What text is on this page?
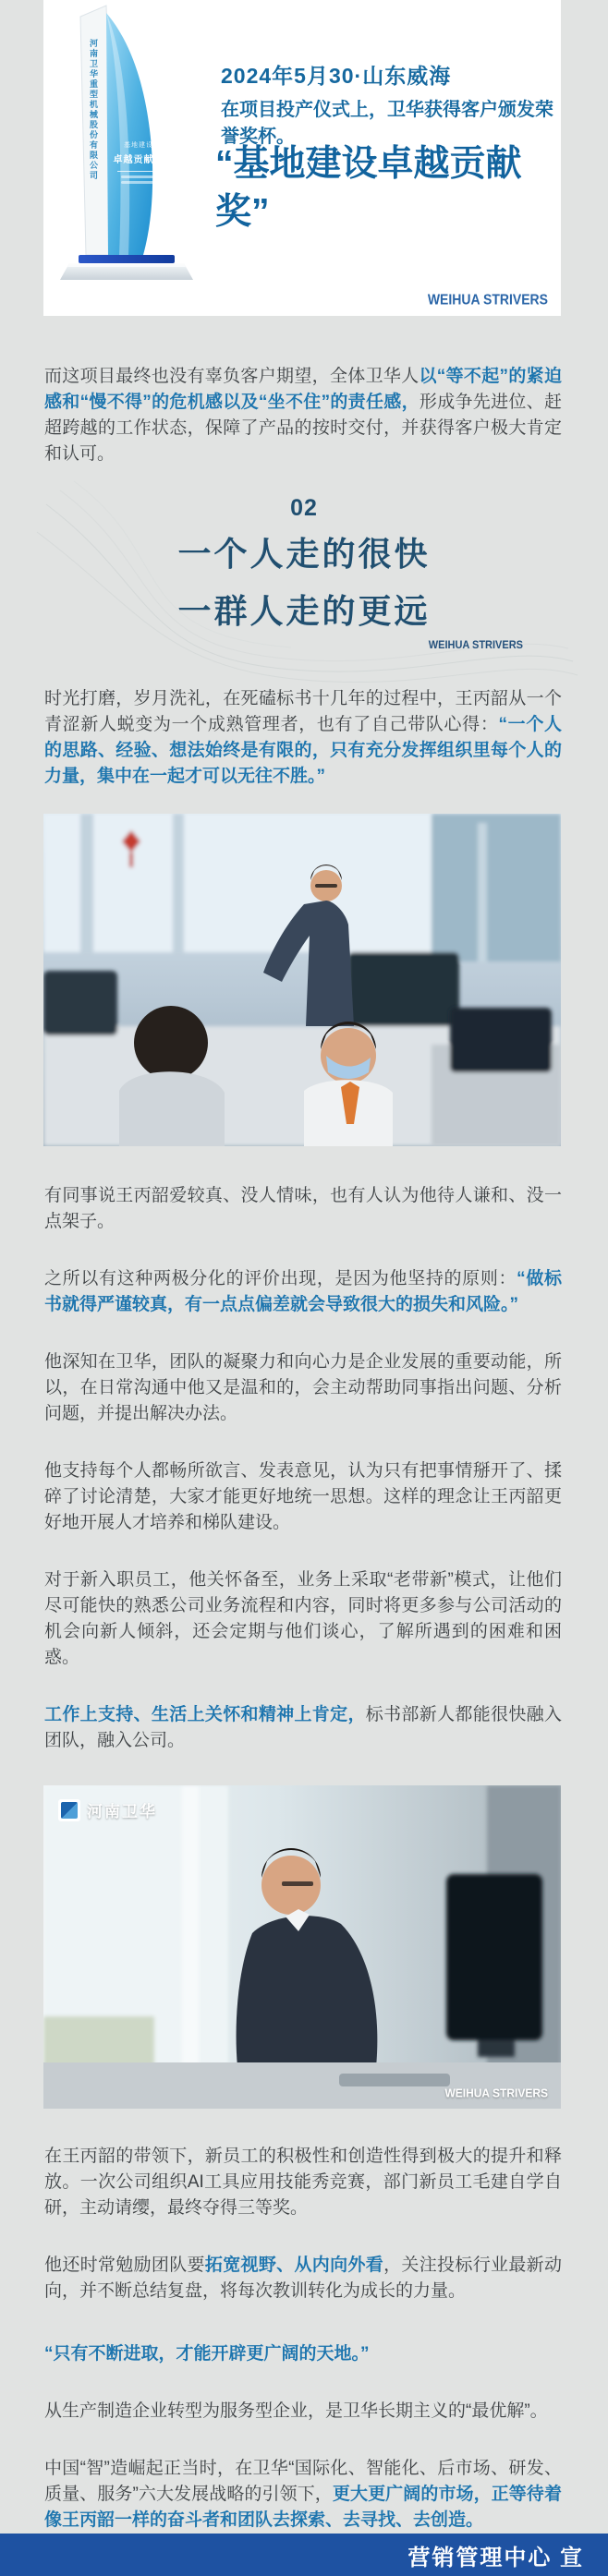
河南卫华重型机械股份有限公司	基地建设
卓越贡献奖
2024年5月30·山东威海
在项目投产仪式上，卫华获得客户颁发荣誉奖杯。
“基地建设卓越贡献奖”
WEIHUA STRIVERS

而这项目最终也没有辜负客户期望，全体卫华人以“等不起”的紧迫感和“慢不得”的危机感以及“坐不住”的责任感，形成争先进位、赶超跨越的工作状态，保障了产品的按时交付，并获得客户极大肯定和认可。

02
一个人走的很快
一群人走的更远
WEIHUA STRIVERS

时光打磨，岁月洗礼，在死磕标书十几年的过程中，王丙韶从一个青涩新人蜕变为一个成熟管理者，也有了自己带队心得：“一个人的思路、经验、想法始终是有限的，只有充分发挥组织里每个人的力量，集中在一起才可以无往不胜。”

有同事说王丙韶爱较真、没人情味，也有人认为他待人谦和、没一点架子。

之所以有这种两极分化的评价出现，是因为他坚持的原则：“做标书就得严谨较真，有一点点偏差就会导致很大的损失和风险。”

他深知在卫华，团队的凝聚力和向心力是企业发展的重要动能，所以，在日常沟通中他又是温和的，会主动帮助同事指出问题、分析问题，并提出解决办法。

他支持每个人都畅所欲言、发表意见，认为只有把事情掰开了、揉碎了讨论清楚，大家才能更好地统一思想。这样的理念让王丙韶更好地开展人才培养和梯队建设。

对于新入职员工，他关怀备至，业务上采取“老带新”模式，让他们尽可能快的熟悉公司业务流程和内容，同时将更多参与公司活动的机会向新人倾斜，还会定期与他们谈心，了解所遇到的困难和困惑。

工作上支持、生活上关怀和精神上肯定，标书部新人都能很快融入团队，融入公司。

河南卫华
WEIHUA STRIVERS

在王丙韶的带领下，新员工的积极性和创造性得到极大的提升和释放。一次公司组织AI工具应用技能秀竞赛，部门新员工毛建自学自研，主动请缨，最终夺得三等奖。

他还时常勉励团队要拓宽视野、从内向外看，关注投标行业最新动向，并不断总结复盘，将每次教训转化为成长的力量。

“只有不断进取，才能开辟更广阔的天地。”

从生产制造企业转型为服务型企业，是卫华长期主义的“最优解”。

中国“智”造崛起正当时，在卫华“国际化、智能化、后市场、研发、质量、服务”六大发展战略的引领下，更大更广阔的市场，正等待着像王丙韶一样的奋斗者和团队去探索、去寻找、去创造。

营销管理中心 宣
